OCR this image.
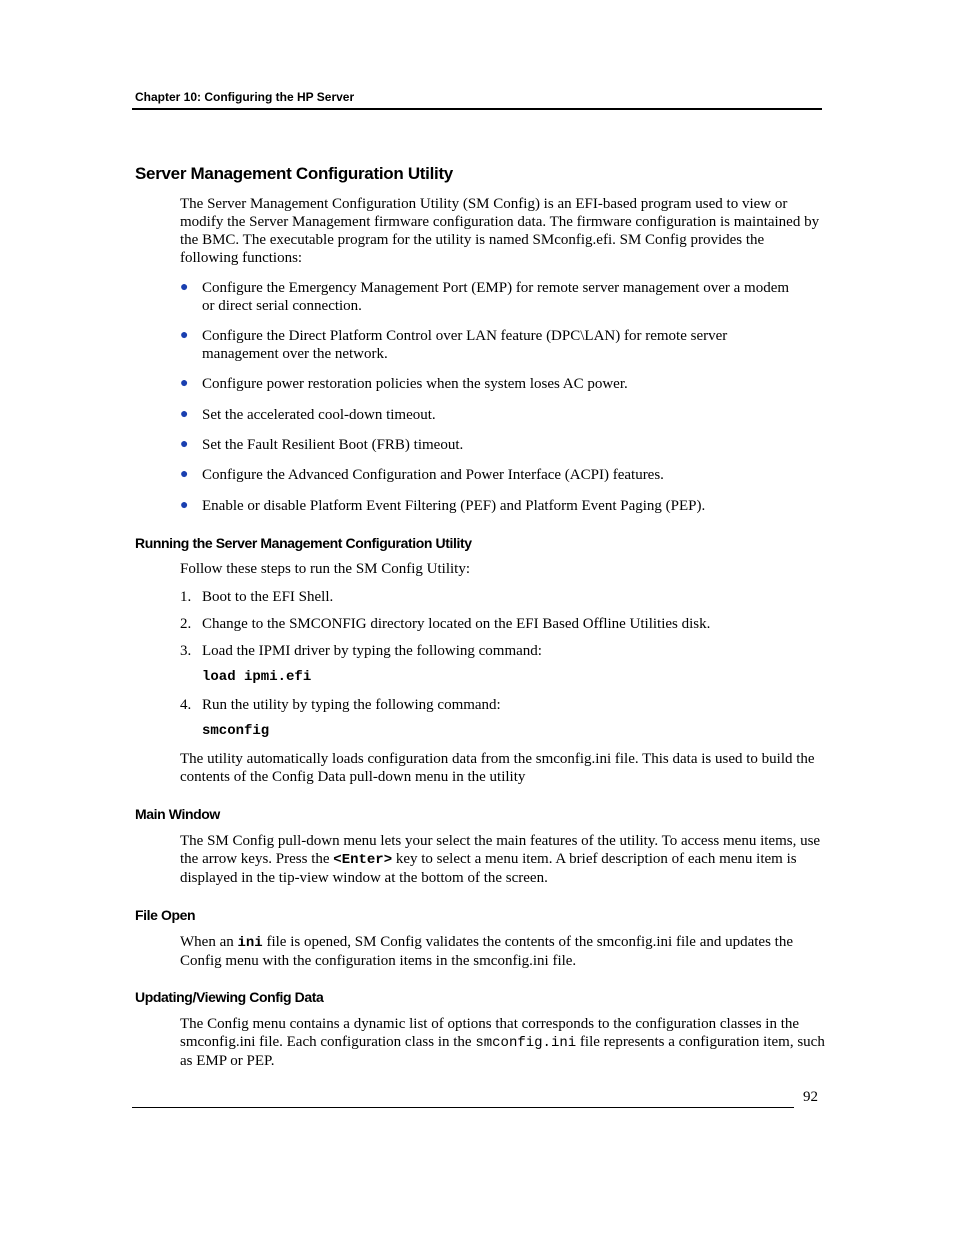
Chapter 10: Configuring the HP Server
Server Management Configuration Utility
The Server Management Configuration Utility (SM Config) is an EFI-based program used to view or modify the Server Management firmware configuration data. The firmware configuration is maintained by the BMC. The executable program for the utility is named SMconfig.efi. SM Config provides the following functions:
● Configure the Emergency Management Port (EMP) for remote server management over a modem or direct serial connection.
● Configure the Direct Platform Control over LAN feature (DPC\LAN) for remote server management over the network.
● Configure power restoration policies when the system loses AC power.
● Set the accelerated cool-down timeout.
● Set the Fault Resilient Boot (FRB) timeout.
● Configure the Advanced Configuration and Power Interface (ACPI) features.
● Enable or disable Platform Event Filtering (PEF) and Platform Event Paging (PEP).
Running the Server Management Configuration Utility
Follow these steps to run the SM Config Utility:
1. Boot to the EFI Shell.
2. Change to the SMCONFIG directory located on the EFI Based Offline Utilities disk.
3. Load the IPMI driver by typing the following command:
load ipmi.efi
4. Run the utility by typing the following command:
smconfig
The utility automatically loads configuration data from the smconfig.ini file. This data is used to build the contents of the Config Data pull-down menu in the utility
Main Window
The SM Config pull-down menu lets your select the main features of the utility. To access menu items, use the arrow keys. Press the <Enter> key to select a menu item. A brief description of each menu item is displayed in the tip-view window at the bottom of the screen.
File Open
When an ini file is opened, SM Config validates the contents of the smconfig.ini file and updates the Config menu with the configuration items in the smconfig.ini file.
Updating/Viewing Config Data
The Config menu contains a dynamic list of options that corresponds to the configuration classes in the smconfig.ini file. Each configuration class in the smconfig.ini file represents a configuration item, such as EMP or PEP.
92
